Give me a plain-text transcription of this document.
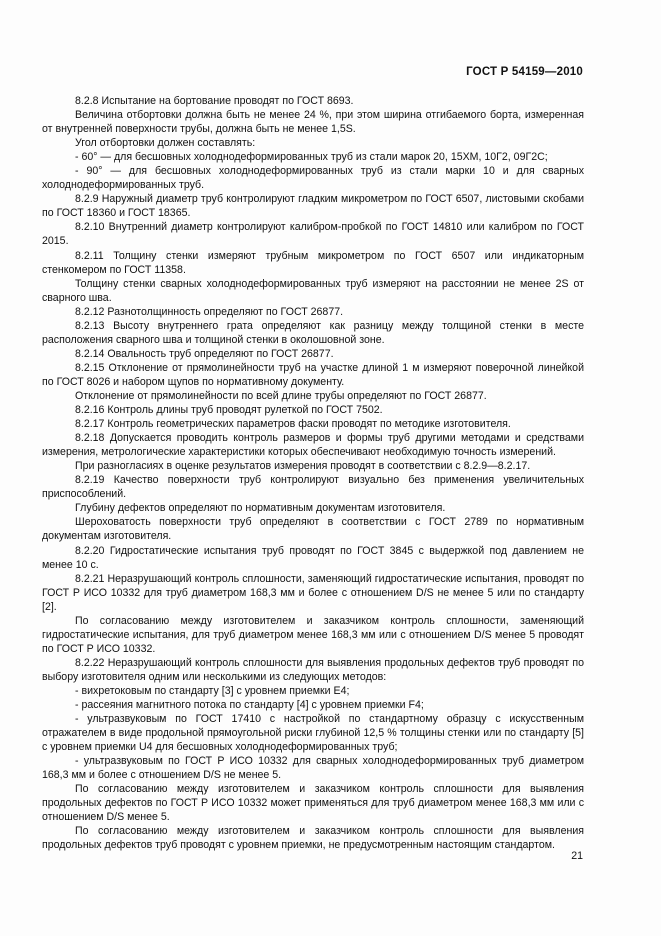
ГОСТ Р 54159—2010

8.2.8 Испытание на бортование проводят по ГОСТ 8693.

Величина отбортовки должна быть не менее 24 %, при этом ширина отгибаемого борта, измеренная от внутренней поверхности трубы, должна быть не менее 1,5S.

Угол отбортовки должен составлять:

- 60° — для бесшовных холоднодеформированных труб из стали марок 20, 15ХМ, 10Г2, 09Г2С;

- 90° — для бесшовных холоднодеформированных труб из стали марки 10 и для сварных холоднодеформированных труб.

8.2.9 Наружный диаметр труб контролируют гладким микрометром по ГОСТ 6507, листовыми скобами по ГОСТ 18360 и ГОСТ 18365.

8.2.10 Внутренний диаметр контролируют калибром-пробкой по ГОСТ 14810 или калибром по ГОСТ 2015.

8.2.11 Толщину стенки измеряют трубным микрометром по ГОСТ 6507 или индикаторным стенкомером по ГОСТ 11358.

Толщину стенки сварных холоднодеформированных труб измеряют на расстоянии не менее 2S от сварного шва.

8.2.12 Разнотолщинность определяют по ГОСТ 26877.

8.2.13 Высоту внутреннего грата определяют как разницу между толщиной стенки в месте расположения сварного шва и толщиной стенки в околошовной зоне.

8.2.14 Овальность труб определяют по ГОСТ 26877.

8.2.15 Отклонение от прямолинейности труб на участке длиной 1 м измеряют поверочной линейкой по ГОСТ 8026 и набором щупов по нормативному документу.

Отклонение от прямолинейности по всей длине трубы определяют по ГОСТ 26877.

8.2.16 Контроль длины труб проводят рулеткой по ГОСТ 7502.

8.2.17 Контроль геометрических параметров фаски проводят по методике изготовителя.

8.2.18 Допускается проводить контроль размеров и формы труб другими методами и средствами измерения, метрологические характеристики которых обеспечивают необходимую точность измерений.

При разногласиях в оценке результатов измерения проводят в соответствии с 8.2.9—8.2.17.

8.2.19 Качество поверхности труб контролируют визуально без применения увеличительных приспособлений.

Глубину дефектов определяют по нормативным документам изготовителя.

Шероховатость поверхности труб определяют в соответствии с ГОСТ 2789 по нормативным документам изготовителя.

8.2.20 Гидростатические испытания труб проводят по ГОСТ 3845 с выдержкой под давлением не менее 10 с.

8.2.21 Неразрушающий контроль сплошности, заменяющий гидростатические испытания, проводят по ГОСТ Р ИСО 10332 для труб диаметром 168,3 мм и более с отношением D/S не менее 5 или по стандарту [2].

По согласованию между изготовителем и заказчиком контроль сплошности, заменяющий гидростатические испытания, для труб диаметром менее 168,3 мм или с отношением D/S менее 5 проводят по ГОСТ Р ИСО 10332.

8.2.22 Неразрушающий контроль сплошности для выявления продольных дефектов труб проводят по выбору изготовителя одним или несколькими из следующих методов:

- вихретоковым по стандарту [3] с уровнем приемки Е4;

- рассеяния магнитного потока по стандарту [4] с уровнем приемки F4;

- ультразвуковым по ГОСТ 17410 с настройкой по стандартному образцу с искусственным отражателем в виде продольной прямоугольной риски глубиной 12,5 % толщины стенки или по стандарту [5] с уровнем приемки U4 для бесшовных холоднодеформированных труб;

- ультразвуковым по ГОСТ Р ИСО 10332 для сварных холоднодеформированных труб диаметром 168,3 мм и более с отношением D/S не менее 5.

По согласованию между изготовителем и заказчиком контроль сплошности для выявления продольных дефектов по ГОСТ Р ИСО 10332 может применяться для труб диаметром менее 168,3 мм или с отношением D/S менее 5.

По согласованию между изготовителем и заказчиком контроль сплошности для выявления продольных дефектов труб проводят с уровнем приемки, не предусмотренным настоящим стандартом.

21
